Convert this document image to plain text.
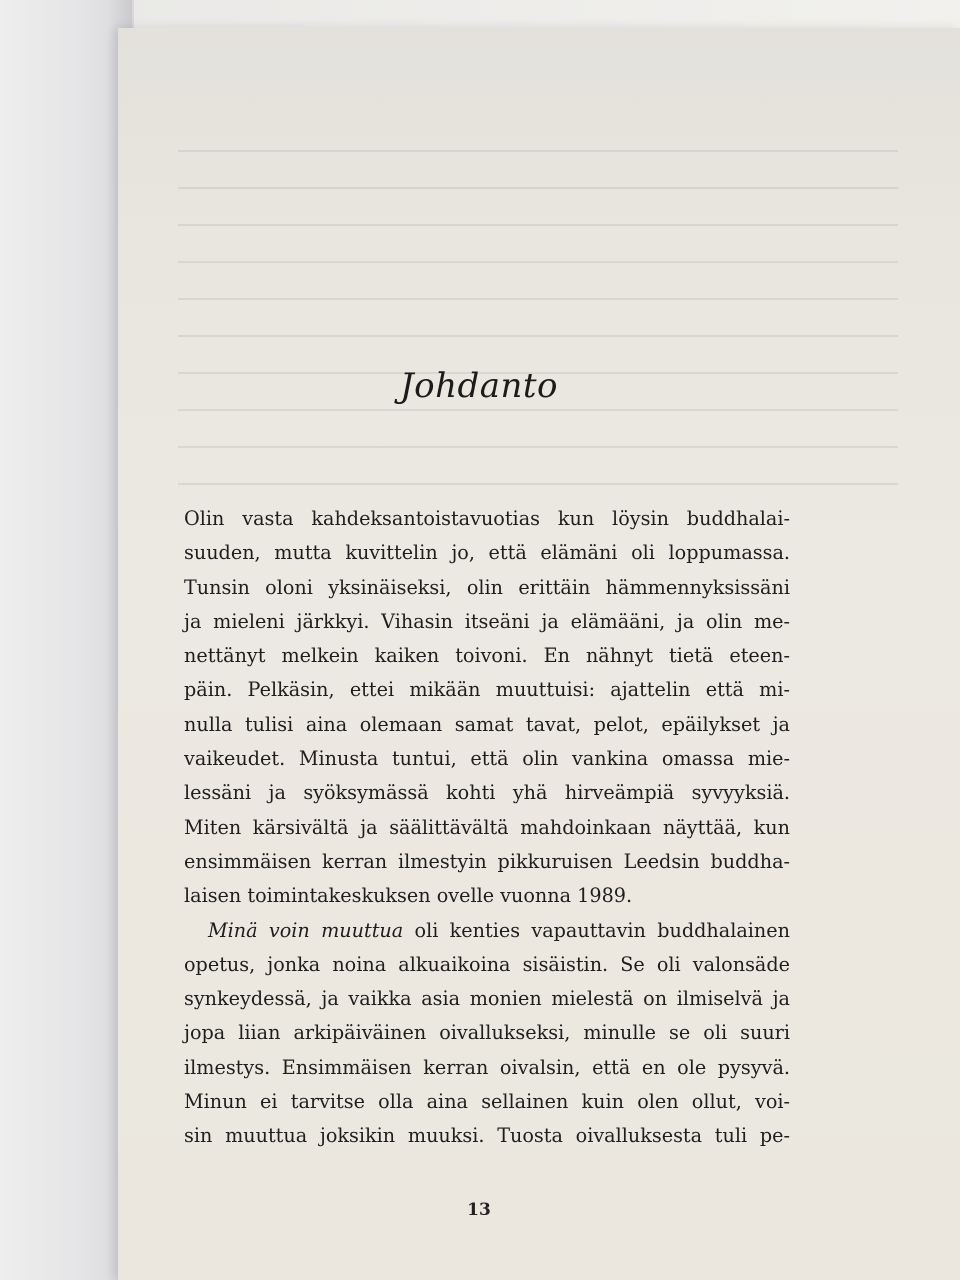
Johdanto
Olin vasta kahdeksantoistavuotias kun löysin buddhalai-
suuden, mutta kuvittelin jo, että elämäni oli loppumassa.
Tunsin oloni yksinäiseksi, olin erittäin hämmennyksissäni
ja mieleni järkkyi. Vihasin itseäni ja elämääni, ja olin me-
nettänyt melkein kaiken toivoni. En nähnyt tietä eteen-
päin. Pelkäsin, ettei mikään muuttuisi: ajattelin että mi-
nulla tulisi aina olemaan samat tavat, pelot, epäilykset ja
vaikeudet. Minusta tuntui, että olin vankina omassa mie-
lessäni ja syöksymässä kohti yhä hirveämpiä syvyyksiä.
Miten kärsivältä ja säälittävältä mahdoinkaan näyttää, kun
ensimmäisen kerran ilmestyin pikkuruisen Leedsin buddha-
laisen toimintakeskuksen ovelle vuonna 1989.
Minä voin muuttua oli kenties vapauttavin buddhalainen
opetus, jonka noina alkuaikoina sisäistin. Se oli valonsäde
synkeydessä, ja vaikka asia monien mielestä on ilmiselvä ja
jopa liian arkipäiväinen oivallukseksi, minulle se oli suuri
ilmestys. Ensimmäisen kerran oivalsin, että en ole pysyvä.
Minun ei tarvitse olla aina sellainen kuin olen ollut, voi-
sin muuttua joksikin muuksi. Tuosta oivalluksesta tuli pe-
13
